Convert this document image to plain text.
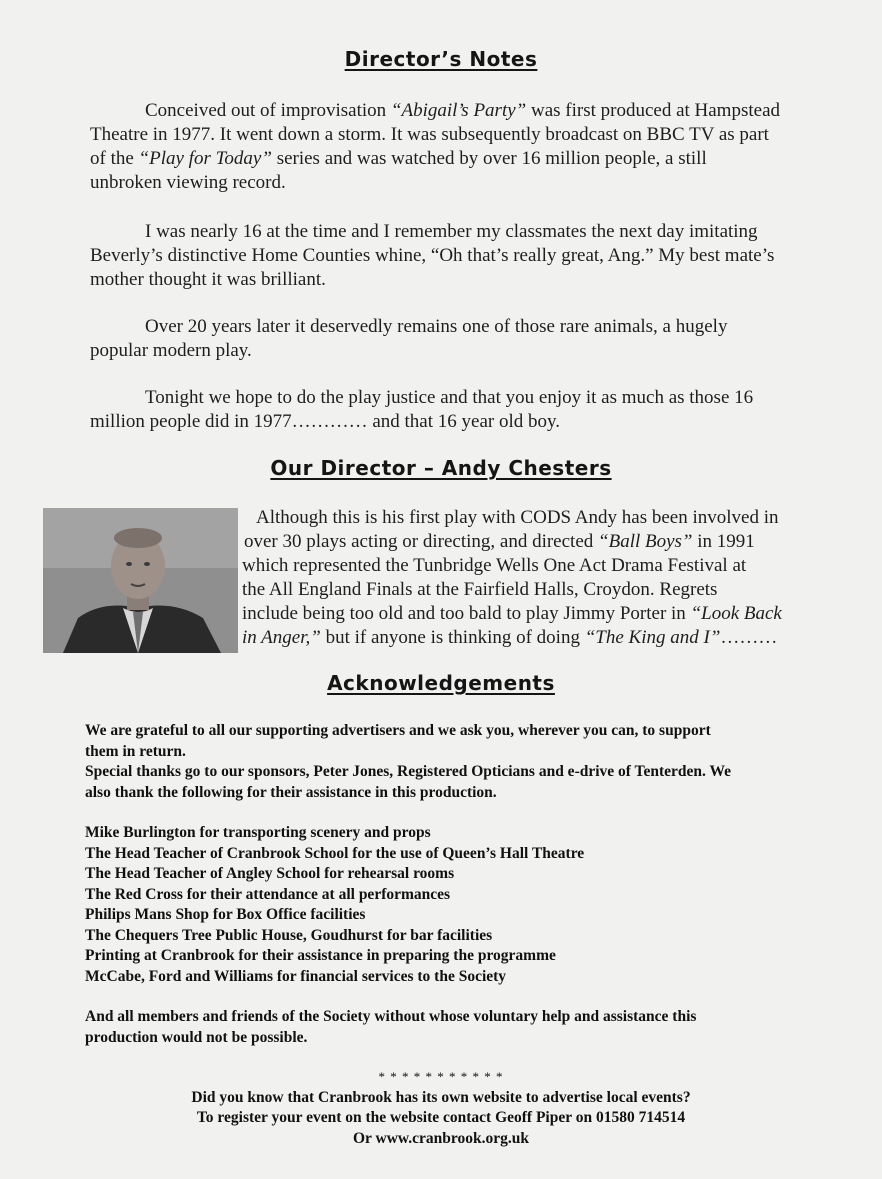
Director’s Notes
Conceived out of improvisation “Abigail’s Party” was first produced at Hampstead
Theatre in 1977. It went down a storm. It was subsequently broadcast on BBC TV as part
of the “Play for Today” series and was watched by over 16 million people, a still
unbroken viewing record.
I was nearly 16 at the time and I remember my classmates the next day imitating
Beverly’s distinctive Home Counties whine, “Oh that’s really great, Ang.” My best mate’s
mother thought it was brilliant.
Over 20 years later it deservedly remains one of those rare animals, a hugely
popular modern play.
Tonight we hope to do the play justice and that you enjoy it as much as those 16
million people did in 1977………… and that 16 year old boy.
Our Director – Andy Chesters
Although this is his first play with CODS Andy has been involved in
over 30 plays acting or directing, and directed “Ball Boys” in 1991
which represented the Tunbridge Wells One Act Drama Festival at
the All England Finals at the Fairfield Halls, Croydon. Regrets
include being too old and too bald to play Jimmy Porter in “Look Back
in Anger,” but if anyone is thinking of doing “The King and I”………
Acknowledgements
We are grateful to all our supporting advertisers and we ask you, wherever you can, to support
them in return.
Special thanks go to our sponsors, Peter Jones, Registered Opticians and e-drive of Tenterden. We
also thank the following for their assistance in this production.
Mike Burlington for transporting scenery and props
The Head Teacher of Cranbrook School for the use of Queen’s Hall Theatre
The Head Teacher of Angley School for rehearsal rooms
The Red Cross for their attendance at all performances
Philips Mans Shop for Box Office facilities
The Chequers Tree Public House, Goudhurst for bar facilities
Printing at Cranbrook for their assistance in preparing the programme
McCabe, Ford and Williams for financial services to the Society
And all members and friends of the Society without whose voluntary help and assistance this
production would not be possible.
* * * * * * * * * * *
Did you know that Cranbrook has its own website to advertise local events?
To register your event on the website contact Geoff Piper on 01580 714514
Or www.cranbrook.org.uk
